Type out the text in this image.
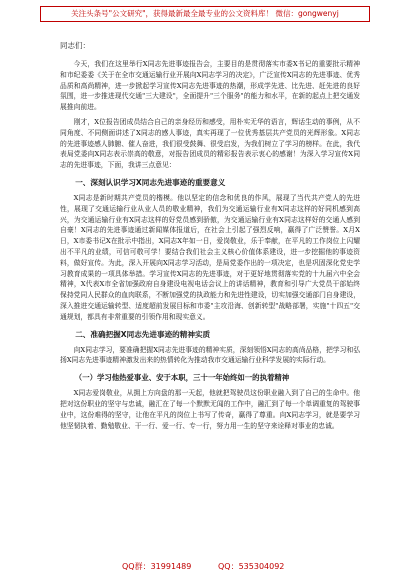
关注头条号"公文研究"，获得最新最全最专业的公文资料库！ 微信：gongwenyj
同志们：

今天，我们在这里举行X同志先进事迹报告会，主要目的是贯彻落实市委X书记的重要批示精神和市纪委委《关于在全市交通运输行业开展向X同志学习的决定》，广泛宣传X同志的先进事迹、优秀品质和高尚精神，进一步掀起学习宣传X同志先进事迹的热潮，形成学先进、比先进、赶先进的良好氛围，进一步推进现代交通"三大建设"，全面提升"三个服务"的能力和水平，在新的起点上把交通发展推向前进。

刚才，X位报告团成员结合自己的亲身经历和感受，用朴实无华的语言，辉话生动的事例，从不同角度、不同侧面讲述了X同志的感人事迹，真实再现了一位优秀基层共产党员的光辉形象。X同志的先进事迹感人肺腑、催人奋进，我们很受鼓舞、很受启发，为我们树立了学习的榜样。在此，我代表局党委向X同志表示崇高的敬意，对报告团成员的精彩报告表示衷心的感谢！为深入学习宣传X同志的先进事迹，下面，我讲三点意见：

一、深刻认识学习X同志先进事迹的重要意义

X同志是新时期共产党员的楷模。他以坚定的信念和优良的作风，展现了当代共产党人的先进性，展现了交通运输行业从业人员的敬业精神，我们为交通运输行业有X同志这样的好同机感到高兴，为交通运输行业有X同志这样的好党员感到骄傲，为交通运输行业有X同志这样好的交通人感到自豪！X同志的先进事迹通过新闻媒体报道后，在社会上引起了强烈反响，赢得了广泛赞誉。X月X日，X市委书记X在批示中指出，X同志X年如一日，爱岗敬业，乐于奉献，在平凡的工作岗位上闪耀出不平凡的业绩，可信可敬可学！要结合我们社会主义核心价值体系建设，进一步挖掘他的事迹资料，做好宣传。为此，深入开展向X同志学习活动，是局党委作出的一项决定，也是巩固深化党史学习教育成果的一项具体举措。学习宣传X同志的先进事迹，对于更好地贯彻落实党的十九届六中全会精神，X代表X市全省加强政府自身建设电视电话会议上的讲话精神，教育和引导广大党员干部始终保持党同人民群众的血肉联系，不断加强党的执政能力和先进性建设，切实加强交通部门自身建设，深入推进交通运输转型、适度超前发展目标和市委"主攻沿海、创新转型"战略部署，实施"十四五"交通规划，都具有非常重要的引领作用和现实意义。

二、准确把握X同志先进事迹的精神实质

向X同志学习，要准确把握X同志先进事迹的精神实质，深刻领悟X同志的高尚品格，把学习和弘扬X同志先进事迹精神激发出来的热情转化为推动我市交通运输行业科学发展的实际行动。

（一）学习他热爱事业、安于本职，三十一年始终如一的执着精神

X同志爱岗敬业，从拥上方向盘的那一天起，他就把驾驶员这份职业融入到了自己的生命中。他把对这份职业的坚守与忠诚，融汇在了每一个默默无闻的工作中，融汇到了每一个单调重复的驾驶事业中，这份难得的坚守，让他在平凡的岗位上书写了传奇，赢得了尊重。向X同志学习，就是要学习他坚韧执着、勤勉敬业、干一行、爱一行、专一行，努力用一生的坚守来诠释对事业的忠诚。

QQ群：31991489	QQ：535304092
